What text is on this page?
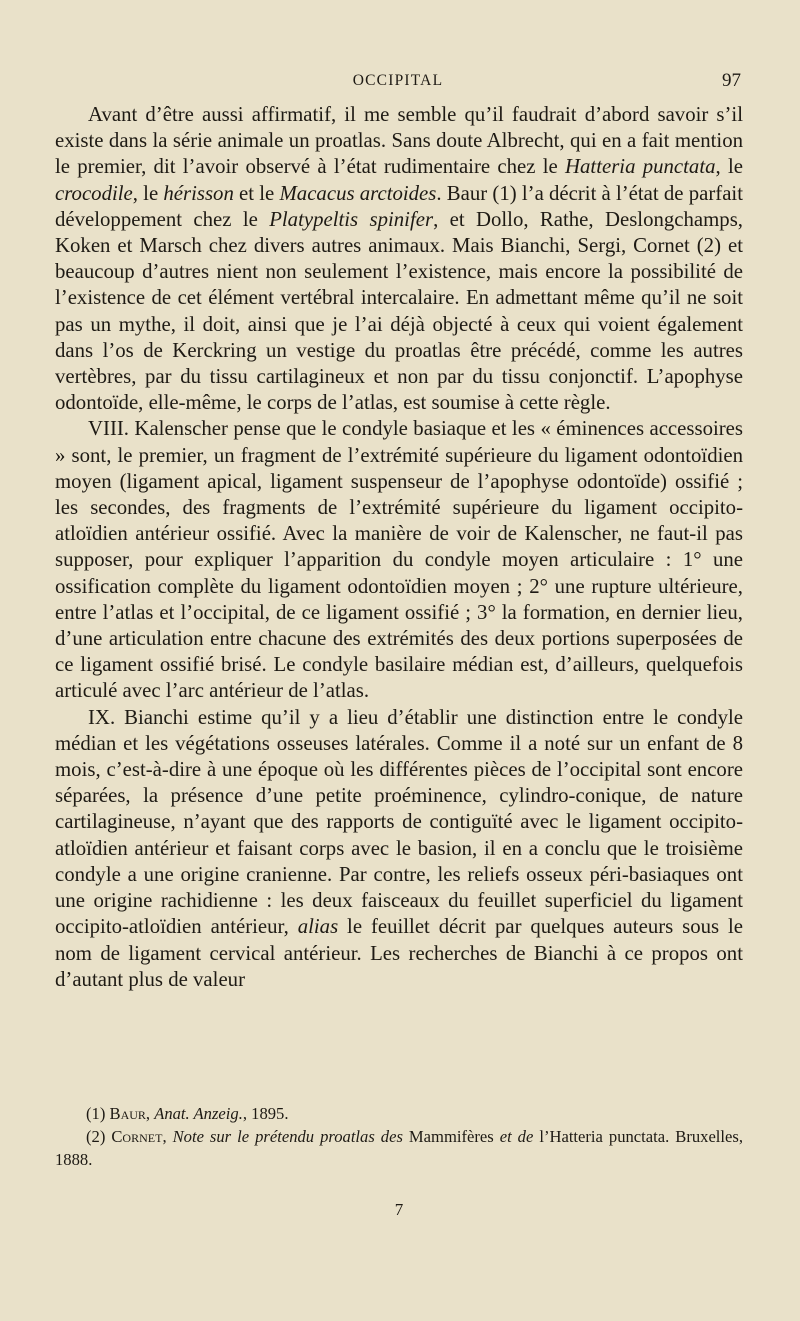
OCCIPITAL	97

Avant d’être aussi affirmatif, il me semble qu’il faudrait d’abord savoir s’il existe dans la série animale un proatlas. Sans doute Albrecht, qui en a fait mention le premier, dit l’avoir observé à l’état rudimentaire chez le Hatteria punctata, le crocodile, le hérisson et le Macacus arctoides. Baur (1) l’a décrit à l’état de parfait développement chez le Platypeltis spinifer, et Dollo, Rathe, Deslongchamps, Koken et Marsch chez divers autres animaux. Mais Bianchi, Sergi, Cornet (2) et beaucoup d’autres nient non seulement l’existence, mais encore la possibilité de l’existence de cet élément vertébral intercalaire. En admettant même qu’il ne soit pas un mythe, il doit, ainsi que je l’ai déjà objecté à ceux qui voient également dans l’os de Kerckring un vestige du proatlas être précédé, comme les autres vertèbres, par du tissu cartilagineux et non par du tissu conjonctif. L’apophyse odontoïde, elle-même, le corps de l’atlas, est soumise à cette règle.

VIII. Kalenscher pense que le condyle basiaque et les « éminences accessoires » sont, le premier, un fragment de l’extrémité supérieure du ligament odontoïdien moyen (ligament apical, ligament suspenseur de l’apophyse odontoïde) ossifié ; les secondes, des fragments de l’extrémité supérieure du ligament occipito-atloïdien antérieur ossifié. Avec la manière de voir de Kalenscher, ne faut-il pas supposer, pour expliquer l’apparition du condyle moyen articulaire : 1° une ossification complète du ligament odontoïdien moyen ; 2° une rupture ultérieure, entre l’atlas et l’occipital, de ce ligament ossifié ; 3° la formation, en dernier lieu, d’une articulation entre chacune des extrémités des deux portions superposées de ce ligament ossifié brisé. Le condyle basilaire médian est, d’ailleurs, quelquefois articulé avec l’arc antérieur de l’atlas.

IX. Bianchi estime qu’il y a lieu d’établir une distinction entre le condyle médian et les végétations osseuses latérales. Comme il a noté sur un enfant de 8 mois, c’est-à-dire à une époque où les différentes pièces de l’occipital sont encore séparées, la présence d’une petite proéminence, cylindro-conique, de nature cartilagineuse, n’ayant que des rapports de contiguïté avec le ligament occipito-atloïdien antérieur et faisant corps avec le basion, il en a conclu que le troisième condyle a une origine cranienne. Par contre, les reliefs osseux péri-basiaques ont une origine rachidienne : les deux faisceaux du feuillet superficiel du ligament occipito-atloïdien antérieur, alias le feuillet décrit par quelques auteurs sous le nom de ligament cervical antérieur. Les recherches de Bianchi à ce propos ont d’autant plus de valeur

(1) Baur, Anat. Anzeig., 1895.

(2) Cornet, Note sur le prétendu proatlas des Mammifères et de l’Hatteria punctata. Bruxelles, 1888.

7
